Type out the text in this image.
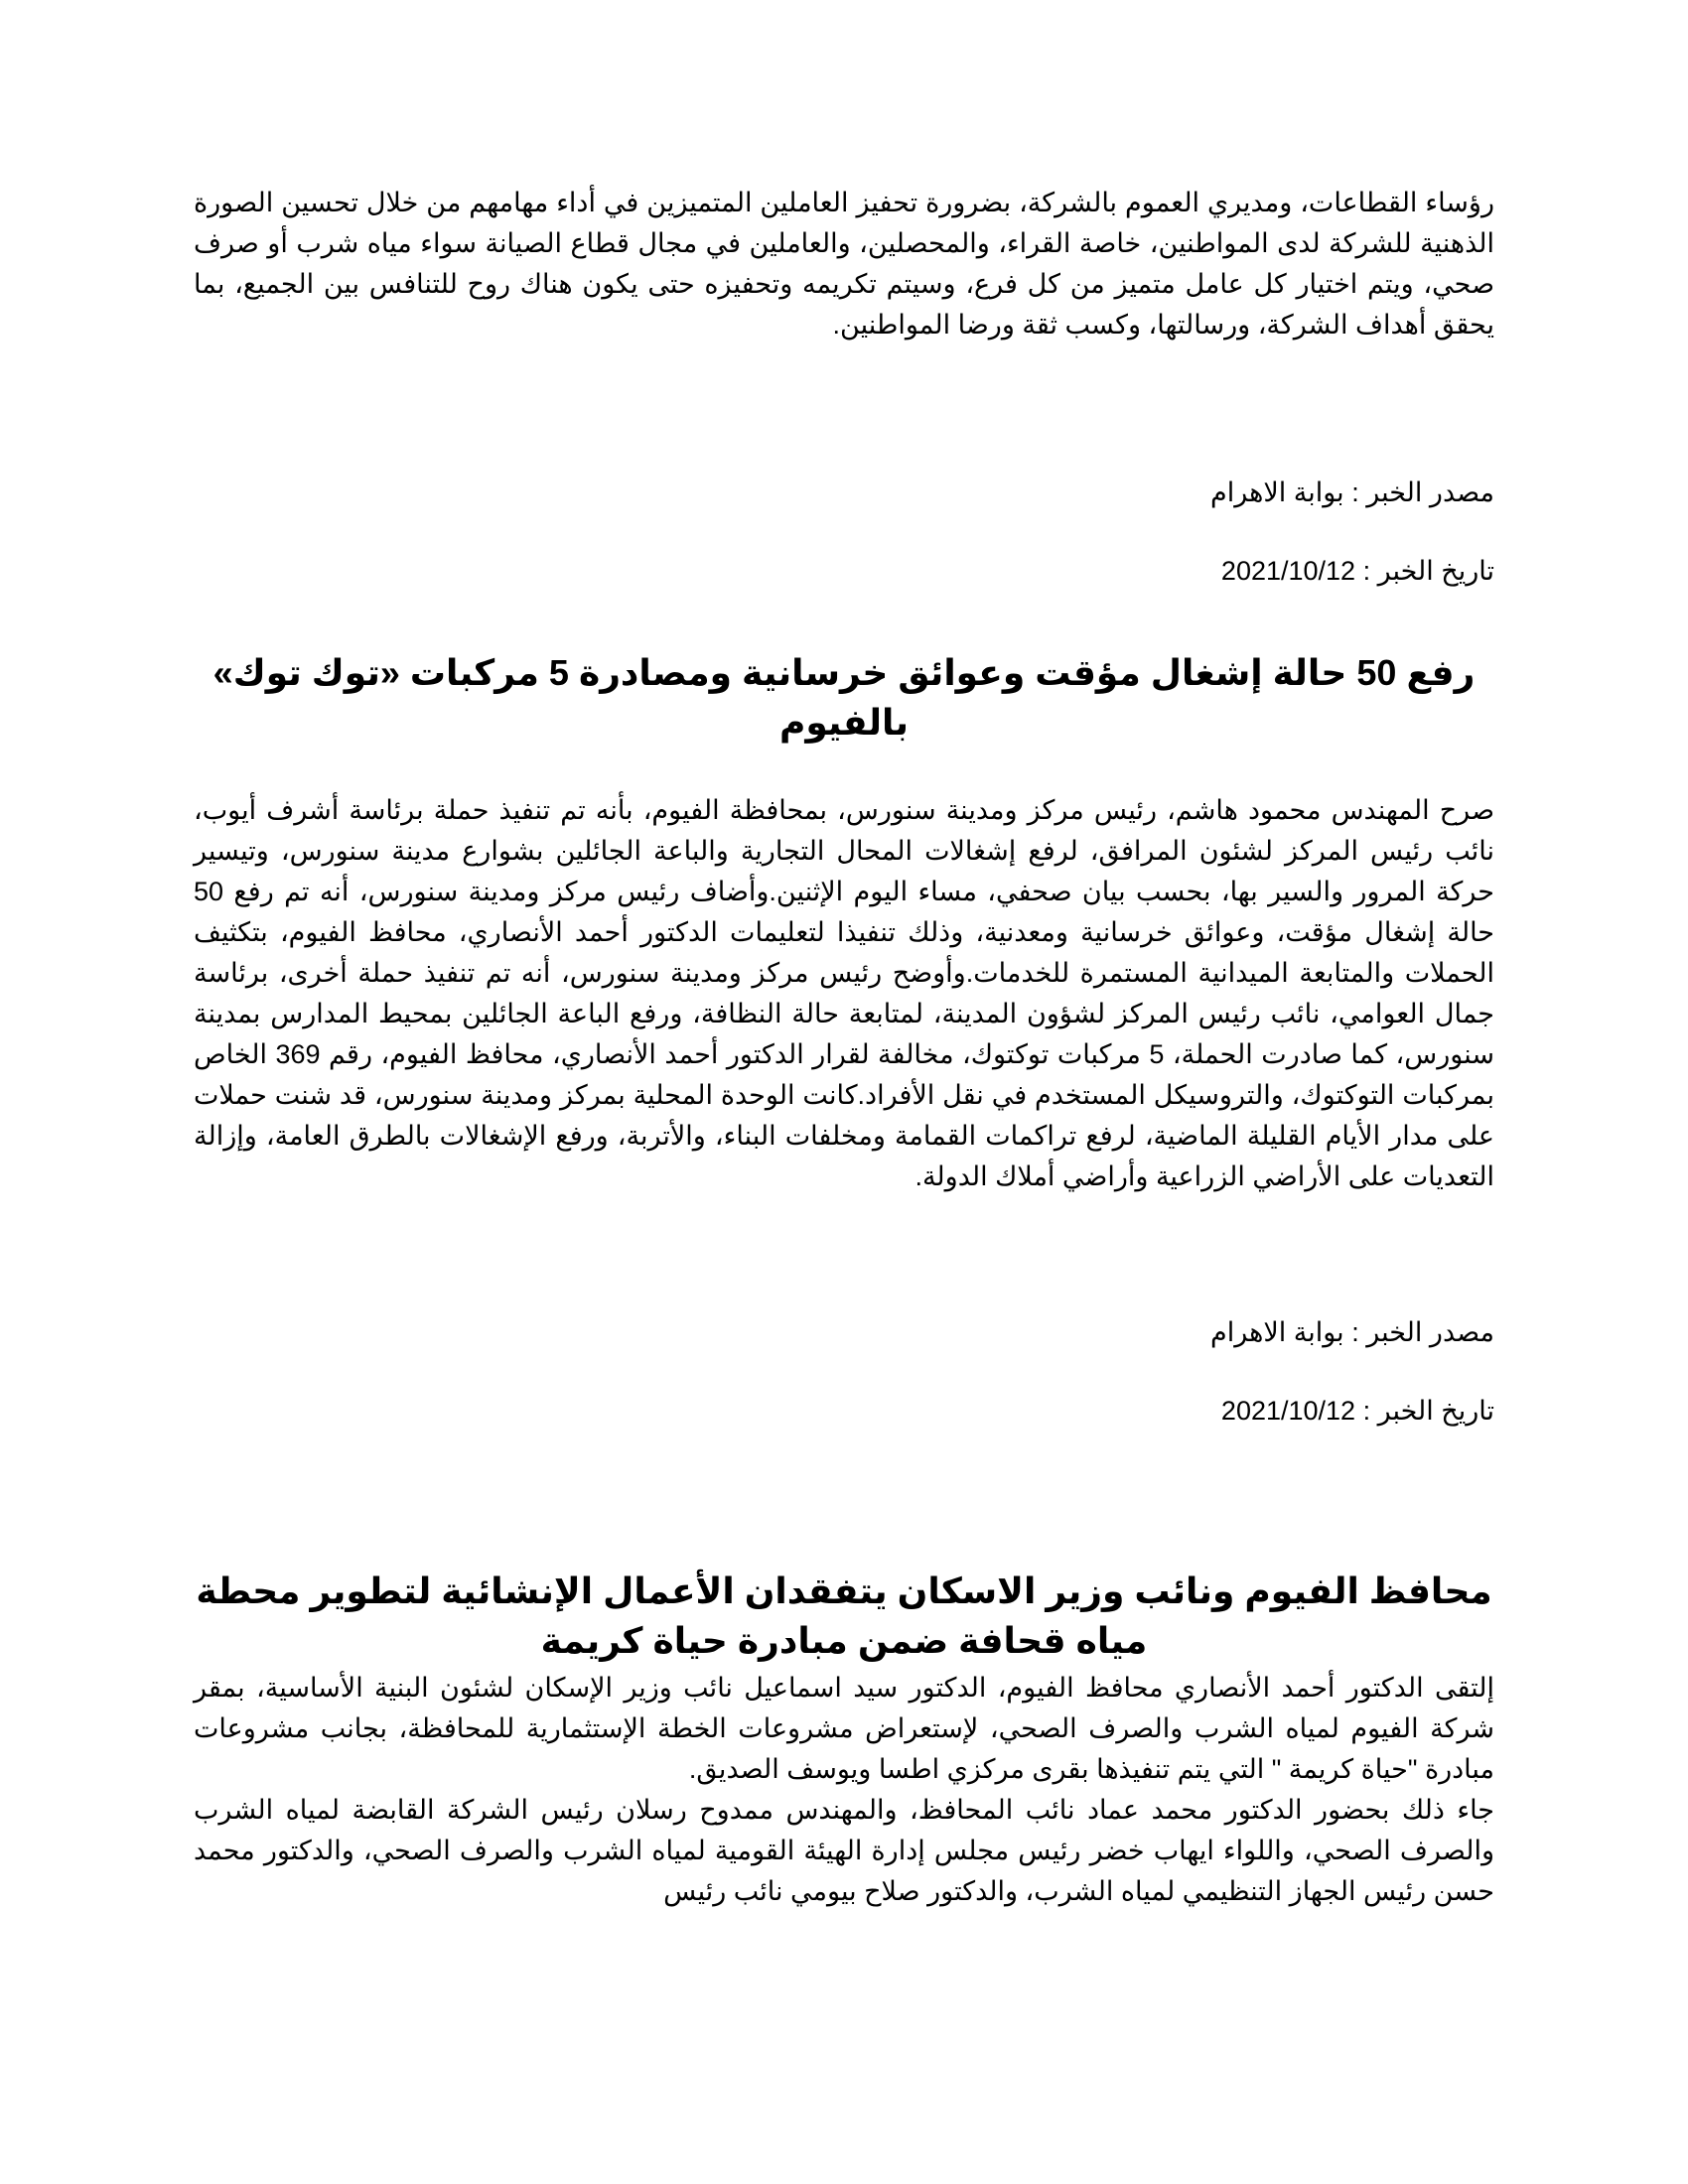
رؤساء القطاعات، ومديري العموم بالشركة، بضرورة تحفيز العاملين المتميزين في أداء مهامهم من خلال تحسين الصورة الذهنية للشركة لدى المواطنين، خاصة القراء، والمحصلين، والعاملين في مجال قطاع الصيانة سواء مياه شرب أو صرف صحي، ويتم اختيار كل عامل متميز من كل فرع، وسيتم تكريمه وتحفيزه حتى يكون هناك روح للتنافس بين الجميع، بما يحقق أهداف الشركة، ورسالتها، وكسب ثقة ورضا المواطنين.

مصدر الخبر : بوابة الاهرام

تاريخ الخبر : 2021/10/12

رفع 50 حالة إشغال مؤقت وعوائق خرسانية ومصادرة 5 مركبات «توك توك» بالفيوم

صرح المهندس محمود هاشم، رئيس مركز ومدينة سنورس، بمحافظة الفيوم، بأنه تم تنفيذ حملة برئاسة أشرف أيوب، نائب رئيس المركز لشئون المرافق، لرفع إشغالات المحال التجارية والباعة الجائلين بشوارع مدينة سنورس، وتيسير حركة المرور والسير بها، بحسب بيان صحفي، مساء اليوم الإثنين.وأضاف رئيس مركز ومدينة سنورس، أنه تم رفع 50 حالة إشغال مؤقت، وعوائق خرسانية ومعدنية، وذلك تنفيذا لتعليمات الدكتور أحمد الأنصاري، محافظ الفيوم، بتكثيف الحملات والمتابعة الميدانية المستمرة للخدمات.وأوضح رئيس مركز ومدينة سنورس، أنه تم تنفيذ حملة أخرى، برئاسة جمال العوامي، نائب رئيس المركز لشؤون المدينة، لمتابعة حالة النظافة، ورفع الباعة الجائلين بمحيط المدارس بمدينة سنورس، كما صادرت الحملة، 5 مركبات توكتوك، مخالفة لقرار الدكتور أحمد الأنصاري، محافظ الفيوم، رقم 369 الخاص بمركبات التوكتوك، والتروسيكل المستخدم في نقل الأفراد.كانت الوحدة المحلية بمركز ومدينة سنورس، قد شنت حملات على مدار الأيام القليلة الماضية، لرفع تراكمات القمامة ومخلفات البناء، والأتربة، ورفع الإشغالات بالطرق العامة، وإزالة التعديات على الأراضي الزراعية وأراضي أملاك الدولة.

مصدر الخبر : بوابة الاهرام

تاريخ الخبر : 2021/10/12

محافظ الفيوم ونائب وزير الاسكان يتفقدان الأعمال الإنشائية لتطوير محطة مياه قحافة ضمن مبادرة حياة كريمة

إلتقى الدكتور أحمد الأنصاري محافظ الفيوم، الدكتور سيد اسماعيل نائب وزير الإسكان لشئون البنية الأساسية، بمقر شركة الفيوم لمياه الشرب والصرف الصحي، لإستعراض مشروعات الخطة الإستثمارية للمحافظة، بجانب مشروعات مبادرة "حياة كريمة " التي يتم تنفيذها بقرى مركزي اطسا ويوسف الصديق.

جاء ذلك بحضور الدكتور محمد عماد نائب المحافظ، والمهندس ممدوح رسلان رئيس الشركة القابضة لمياه الشرب والصرف الصحي، واللواء ايهاب خضر رئيس مجلس إدارة الهيئة القومية لمياه الشرب والصرف الصحي، والدكتور محمد حسن رئيس الجهاز التنظيمي لمياه الشرب، والدكتور صلاح بيومي نائب رئيس
